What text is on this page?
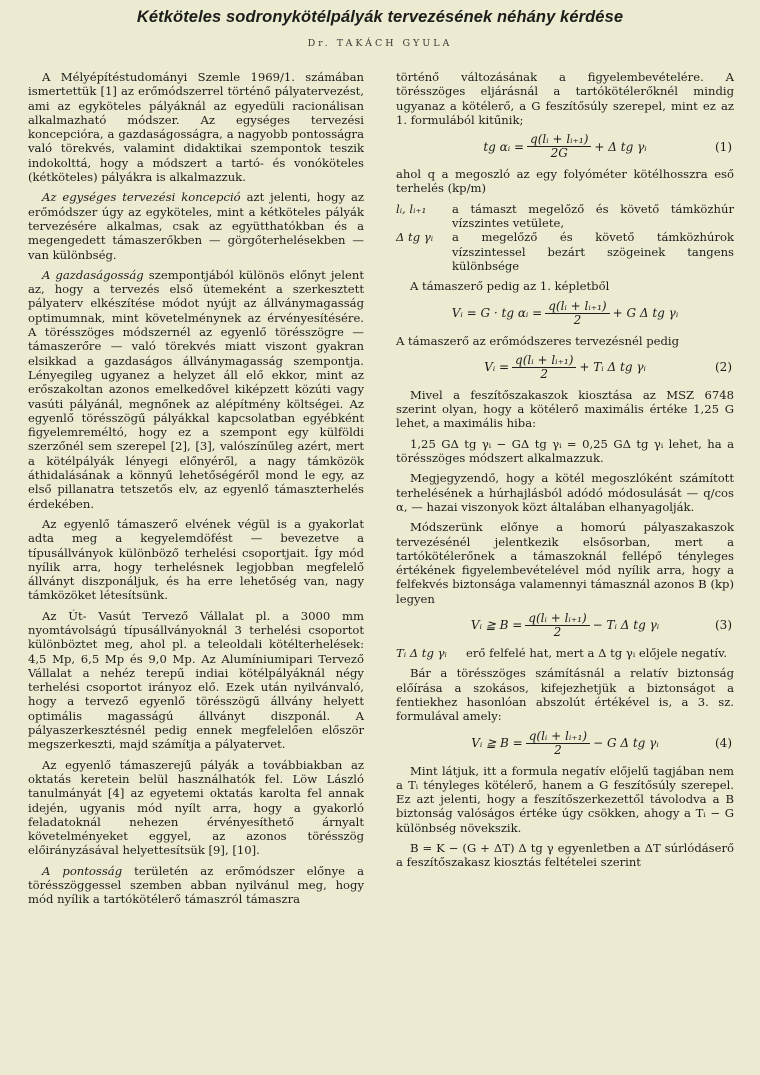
Kétköteles sodronykötélpályák tervezésének néhány kérdése
Dr. TAKÁCH GYULA

A Mélyépítéstudományi Szemle 1969/1. számában ismertettük [1] az erőmódszerrel történő pályatervezést, ami az egyköteles pályáknál az egyedüli racionálisan alkalmazható módszer. Az egységes tervezési koncepcióra, a gazdaságosságra, a nagyobb pontosságra való törekvés, valamint didaktikai szempontok teszik indokolttá, hogy a módszert a tartó- és vonóköteles (kétköteles) pályákra is alkalmazzuk.

Az egységes tervezési koncepció azt jelenti, hogy az erőmódszer úgy az egyköteles, mint a kétköteles pályák tervezésére alkalmas, csak az együtthatókban és a megengedett támaszerőkben — görgőterhelésekben — van különbség.

A gazdaságosság szempontjából különös előnyt jelent az, hogy a tervezés első ütemeként a szerkesztett pályaterv elkészítése módot nyújt az állványmagasság optimumnak, mint követelménynek az érvényesítésére. A törésszöges módszernél az egyenlő törésszögre — támaszerőre — való törekvés miatt viszont gyakran elsikkad a gazdaságos állványmagasság szempontja. Lényegileg ugyanez a helyzet áll elő ekkor, mint az erőszakoltan azonos emelkedővel kiképzett közúti vagy vasúti pályánál, megnőnek az alépítmény költségei. Az egyenlő törésszögű pályákkal kapcsolatban egyébként figyelemreméltó, hogy ez a szempont egy külföldi szerzőnél sem szerepel [2], [3], valószínűleg azért, mert a kötélpályák lényegi előnyéről, a nagy támközök áthidalásának a könnyű lehetőségéről mond le egy, az első pillanatra tetszetős elv, az egyenlő támaszterhelés érdekében.

Az egyenlő támaszerő elvének végül is a gyakorlat adta meg a kegyelemdöfést — bevezetve a típusállványok különböző terhelési csoportjait. Így mód nyílik arra, hogy terhelésnek legjobban megfelelő állványt diszponáljuk, és ha erre lehetőség van, nagy támközöket létesítsünk.

Az Út- Vasút Tervező Vállalat pl. a 3000 mm nyomtávolságú típusállványoknál 3 terhelési csoportot különböztet meg, ahol pl. a teleoldali kötélterhelések: 4,5 Mp, 6,5 Mp és 9,0 Mp. Az Alumíniumipari Tervező Vállalat a nehéz terepű indiai kötélpályáknál négy terhelési csoportot irányoz elő. Ezek után nyilvánvaló, hogy a tervező egyenlő törésszögű állvány helyett optimális magasságú állványt diszponál. A pályaszerkesztésnél pedig ennek megfelelően először megszerkeszti, majd számítja a pályatervet.

Az egyenlő támaszerejű pályák a továbbiakban az oktatás keretein belül használhatók fel. Löw László tanulmányát [4] az egyetemi oktatás karolta fel annak idején, ugyanis mód nyílt arra, hogy a gyakorló feladatoknál nehezen érvényesíthető árnyalt követelményeket eggyel, az azonos törésszög előirányzásával helyettesítsük [9], [10].

A pontosság területén az erőmódszer előnye a törésszöggessel szemben abban nyilvánul meg, hogy mód nyílik a tartókötélerő támaszról támaszra

történő változásának a figyelembevételére. A törésszöges eljárásnál a tartókötélerőknél mindig ugyanaz a kötélerő, a G feszítősúly szerepel, mint ez az 1. formulából kitűnik;

tg αᵢ = $\frac{\text{q(lᵢ + lᵢ₊₁)}}{2G} + \Delta$ tg γᵢ	(1)

ahol q a megoszló az egy folyóméter kötélhosszra eső terhelés (kp/m)

lᵢ, lᵢ₊₁	a támaszt megelőző és követő támközhúr vízszintes vetülete,
Δ tg γᵢ	a megelőző és követő támközhúrok vízszintessel bezárt szögeinek tangens különbsége

A támaszerő pedig az 1. képletből

Vᵢ = G · tg αᵢ = $\frac{\text{q(lᵢ + lᵢ₊₁)}}{2} + G$ Δ tg γᵢ

A támaszerő az erőmódszeres tervezésnél pedig

Vᵢ = $\frac{\text{q(lᵢ + lᵢ₊₁)}}{2}$ + Tᵢ Δ tg γᵢ	(2)

Mivel a feszítőszakaszok kiosztása az MSZ 6748 szerint olyan, hogy a kötélerő maximális értéke 1,25 G lehet, a maximális hiba:

1,25 GΔ tg γᵢ − GΔ tg γᵢ = 0,25 GΔ tg γᵢ lehet, ha a törésszöges módszert alkalmazzuk.

Megjegyzendő, hogy a kötél megoszlóként számított terhelésének a húrhajlásból adódó módosulását — q/cos α, — hazai viszonyok közt általában elhanyagolják.

Módszerünk előnye a homorú pályaszakaszok tervezésénél jelentkezik elsősorban, mert a tartókötélerőnek a támaszoknál fellépő tényleges értékének figyelembevételével mód nyílik arra, hogy a felfekvés biztonsága valamennyi támasznál azonos B (kp) legyen

Vᵢ ≧ $B = \frac{\text{q(lᵢ + lᵢ₊₁)}}{2}$ − Tᵢ Δ tg γᵢ	(3)
Tᵢ Δ tg γᵢ	erő felfelé hat, mert a Δ tg γᵢ előjele negatív.

Bár a törésszöges számításnál a relatív biztonság előírása a szokásos, kifejezhetjük a biztonságot a fentiekhez hasonlóan abszolút értékével is, a 3. sz. formulával amely:

Vᵢ ≧ $B = \frac{\text{q(lᵢ + lᵢ₊₁)}}{2} - G$ Δ tg γᵢ	(4)

Mint látjuk, itt a formula negatív előjelű tagjában nem a Tᵢ tényleges kötélerő, hanem a G feszítősúly szerepel. Ez azt jelenti, hogy a feszítőszerkezettől távolodva a B biztonság valóságos értéke úgy csökken, ahogy a Tᵢ − G különbség növekszik.

B = K − (G + ΔT) Δ tg γ egyenletben a ΔT súrlódáserő a feszítőszakasz kiosztás feltételei szerint
